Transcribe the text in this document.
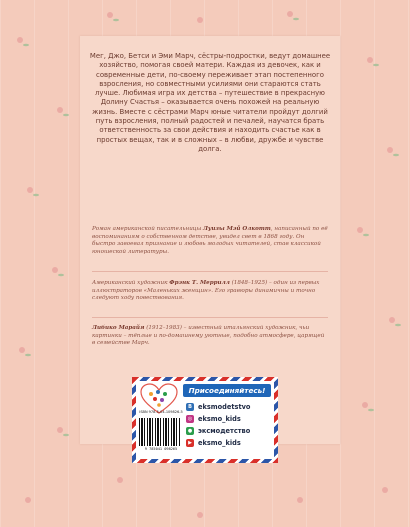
Мег, Джо, Бетси и Эми Марч, сёстры-подростки, ведут домашнее хозяйство, помогая своей матери. Каждая из девочек, как и современные дети, по-своему переживает этап постепенного взросления, но совместными усилиями они стараются стать лучше. Любимая игра их детства – путешествие в прекрасную Долину Счастья – оказывается очень похожей на реальную жизнь. Вместе с сёстрами Марч юные читатели пройдут долгий путь взросления, полный радостей и печалей, научатся брать ответственность за свои действия и находить счастье как в простых вещах, так и в сложных – в любви, дружбе и чувстве долга.

Роман американской писательницы Луизы Мэй Олкотт, написанный по её воспоминаниям о собственном детстве, увидел свет в 1868 году. Он быстро завоевал признание и любовь молодых читателей, став классикой юношеской литературы.
Американский художник Фрэнк Т. Меррилл (1848–1925) – один из первых иллюстраторов «Маленьких женщин». Его гравюры динамичны и точно следуют ходу повествования.
Либико Марайя (1912–1983) – известный итальянский художник, чьи картинки – тёплые и по-домашнему уютные, подобно атмосфере, царящей в семействе Марч.
Присоединяйтесь!
ISBN 978-5-04-109826-5
9 785041 098265
B eksmodetstvo
◎ eksmo_kids
● эксмодетство
▶ eksmo_kids
